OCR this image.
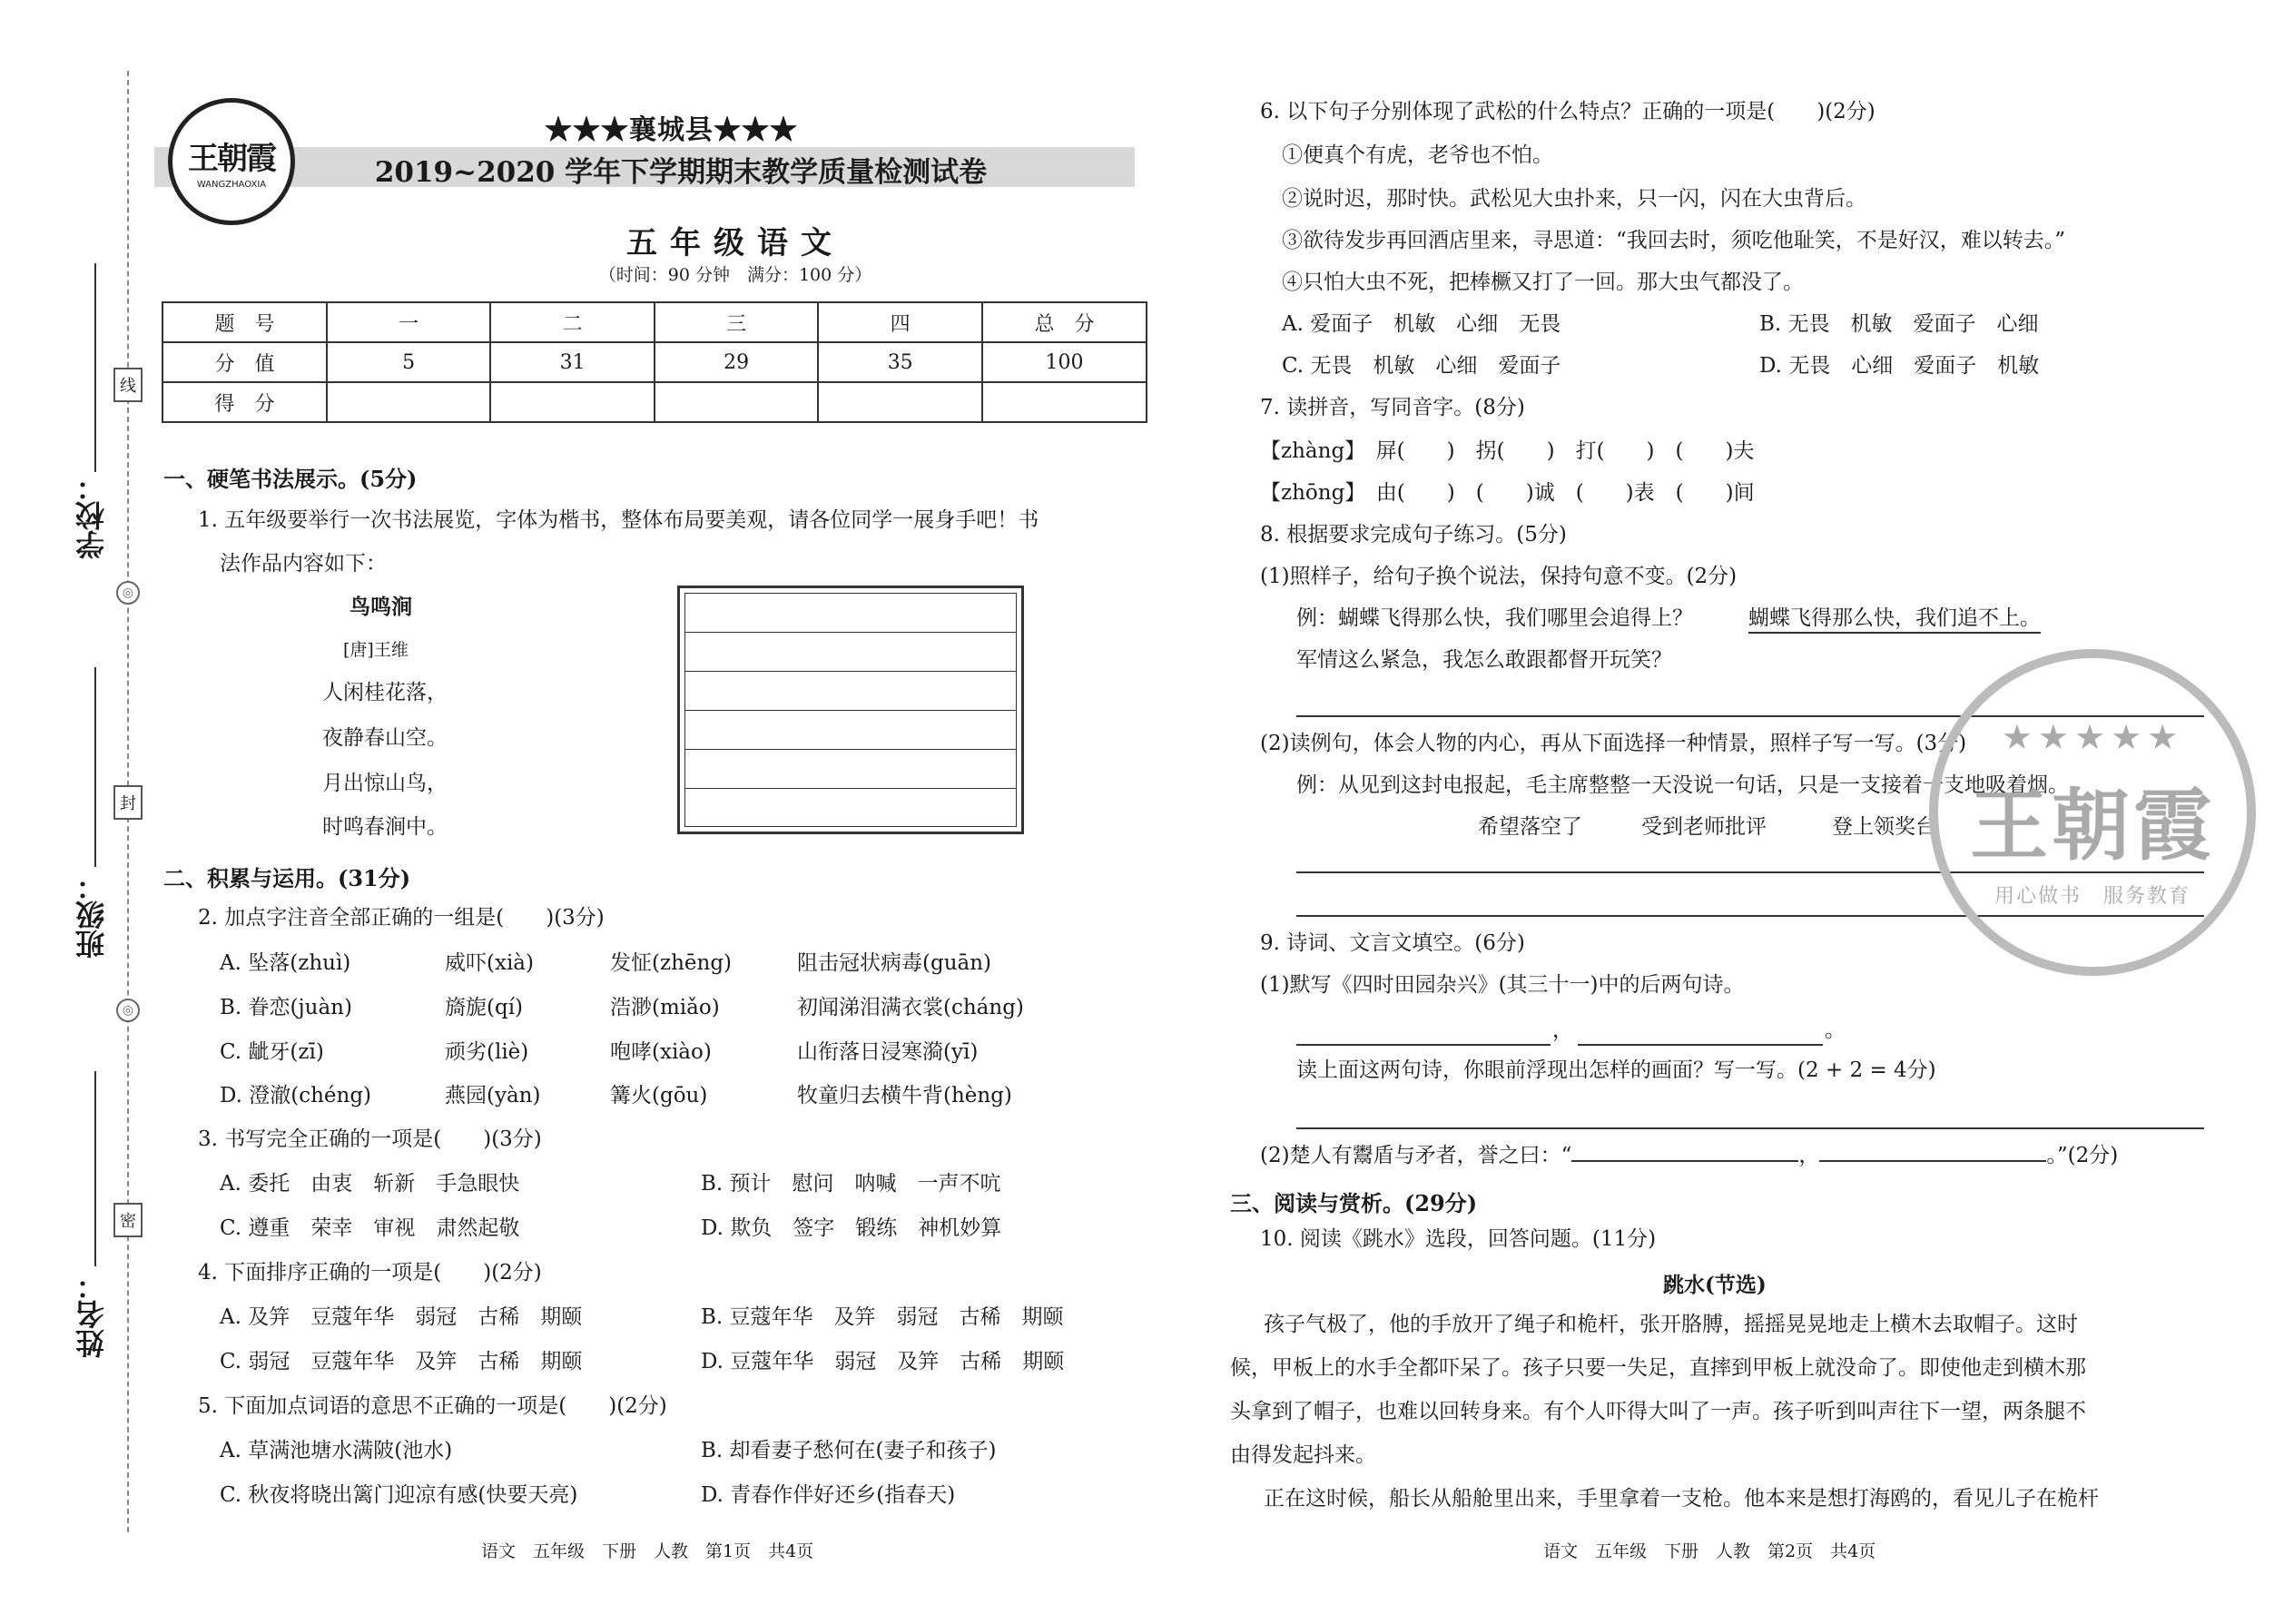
学校：
班级：
姓名：
线
◎
封
◎
密
王朝霞
WANGZHAOXIA
★★★襄城县★★★
2019~2020 学年下学期期末教学质量检测试卷
五年级语文
（时间：90 分钟　满分：100 分）
题　号	一	二	三	四	总　分
分　值	5	31	29	35	100
得　分					
一、硬笔书法展示。(5分)
1. 五年级要举行一次书法展览，字体为楷书，整体布局要美观，请各位同学一展身手吧！书
法作品内容如下：
鸟鸣涧
[唐]王维
人闲桂花落，
夜静春山空。
月出惊山鸟，
时鸣春涧中。
二、积累与运用。(31分)
2. 加点字注音全部正确的一组是(　　)(3分)
A. 坠落(zhuì)	威吓(xià)	发怔(zhēng)	阻击冠状病毒(guān)
B. 眷恋(juàn)	旖旎(qí)	浩渺(miǎo)	初闻涕泪满衣裳(cháng)
C. 龇牙(zī)	顽劣(liè)	咆哮(xiào)	山衔落日浸寒漪(yī)
D. 澄澈(chéng)	燕园(yàn)	篝火(gōu)	牧童归去横牛背(hèng)
3. 书写完全正确的一项是(　　)(3分)
A. 委托　由衷　斩新　手急眼快	B. 预计　慰问　呐喊　一声不吭
C. 遵重　荣幸　审视　肃然起敬	D. 欺负　签字　锻练　神机妙算
4. 下面排序正确的一项是(　　)(2分)
A. 及笄　豆蔻年华　弱冠　古稀　期颐	B. 豆蔻年华　及笄　弱冠　古稀　期颐
C. 弱冠　豆蔻年华　及笄　古稀　期颐	D. 豆蔻年华　弱冠　及笄　古稀　期颐
5. 下面加点词语的意思不正确的一项是(　　)(2分)
A. 草满池塘水满陂(池水)	B. 却看妻子愁何在(妻子和孩子)
C. 秋夜将晓出篱门迎凉有感(快要天亮)	D. 青春作伴好还乡(指春天)
语文　五年级　下册　人教　第1页　共4页
6. 以下句子分别体现了武松的什么特点？正确的一项是(　　)(2分)
①便真个有虎，老爷也不怕。
②说时迟，那时快。武松见大虫扑来，只一闪，闪在大虫背后。
③欲待发步再回酒店里来，寻思道：“我回去时，须吃他耻笑，不是好汉，难以转去。”
④只怕大虫不死，把棒橛又打了一回。那大虫气都没了。
A. 爱面子　机敏　心细　无畏	B. 无畏　机敏　爱面子　心细
C. 无畏　机敏　心细　爱面子	D. 无畏　心细　爱面子　机敏
7. 读拼音，写同音字。(8分)
【zhàng】　屏(　　)　拐(　　)　打(　　)　(　　)夫
【zhōng】　由(　　)　(　　)诚　(　　)表　(　　)间
8. 根据要求完成句子练习。(5分)
(1)照样子，给句子换个说法，保持句意不变。(2分)
例：蝴蝶飞得那么快，我们哪里会追得上？	蝴蝶飞得那么快，我们追不上。
军情这么紧急，我怎么敢跟都督开玩笑？
(2)读例句，体会人物的内心，再从下面选择一种情景，照样子写一写。(3分)
例：从见到这封电报起，毛主席整整一天没说一句话，只是一支接着一支地吸着烟。
希望落空了	受到老师批评	登上领奖台
9. 诗词、文言文填空。(6分)
(1)默写《四时田园杂兴》(其三十一)中的后两句诗。
，	。
读上面这两句诗，你眼前浮现出怎样的画面？写一写。(2 + 2 = 4分)
(2)楚人有鬻盾与矛者，誉之曰：“	，	。”(2分)
三、阅读与赏析。(29分)
10. 阅读《跳水》选段，回答问题。(11分)
跳水(节选)
孩子气极了，他的手放开了绳子和桅杆，张开胳膊，摇摇晃晃地走上横木去取帽子。这时
候，甲板上的水手全都吓呆了。孩子只要一失足，直摔到甲板上就没命了。即使他走到横木那
头拿到了帽子，也难以回转身来。有个人吓得大叫了一声。孩子听到叫声往下一望，两条腿不
由得发起抖来。
正在这时候，船长从船舱里出来，手里拿着一支枪。他本来是想打海鸥的，看见儿子在桅杆
语文　五年级　下册　人教　第2页　共4页
★★★★★
王朝霞
用心做书　服务教育
